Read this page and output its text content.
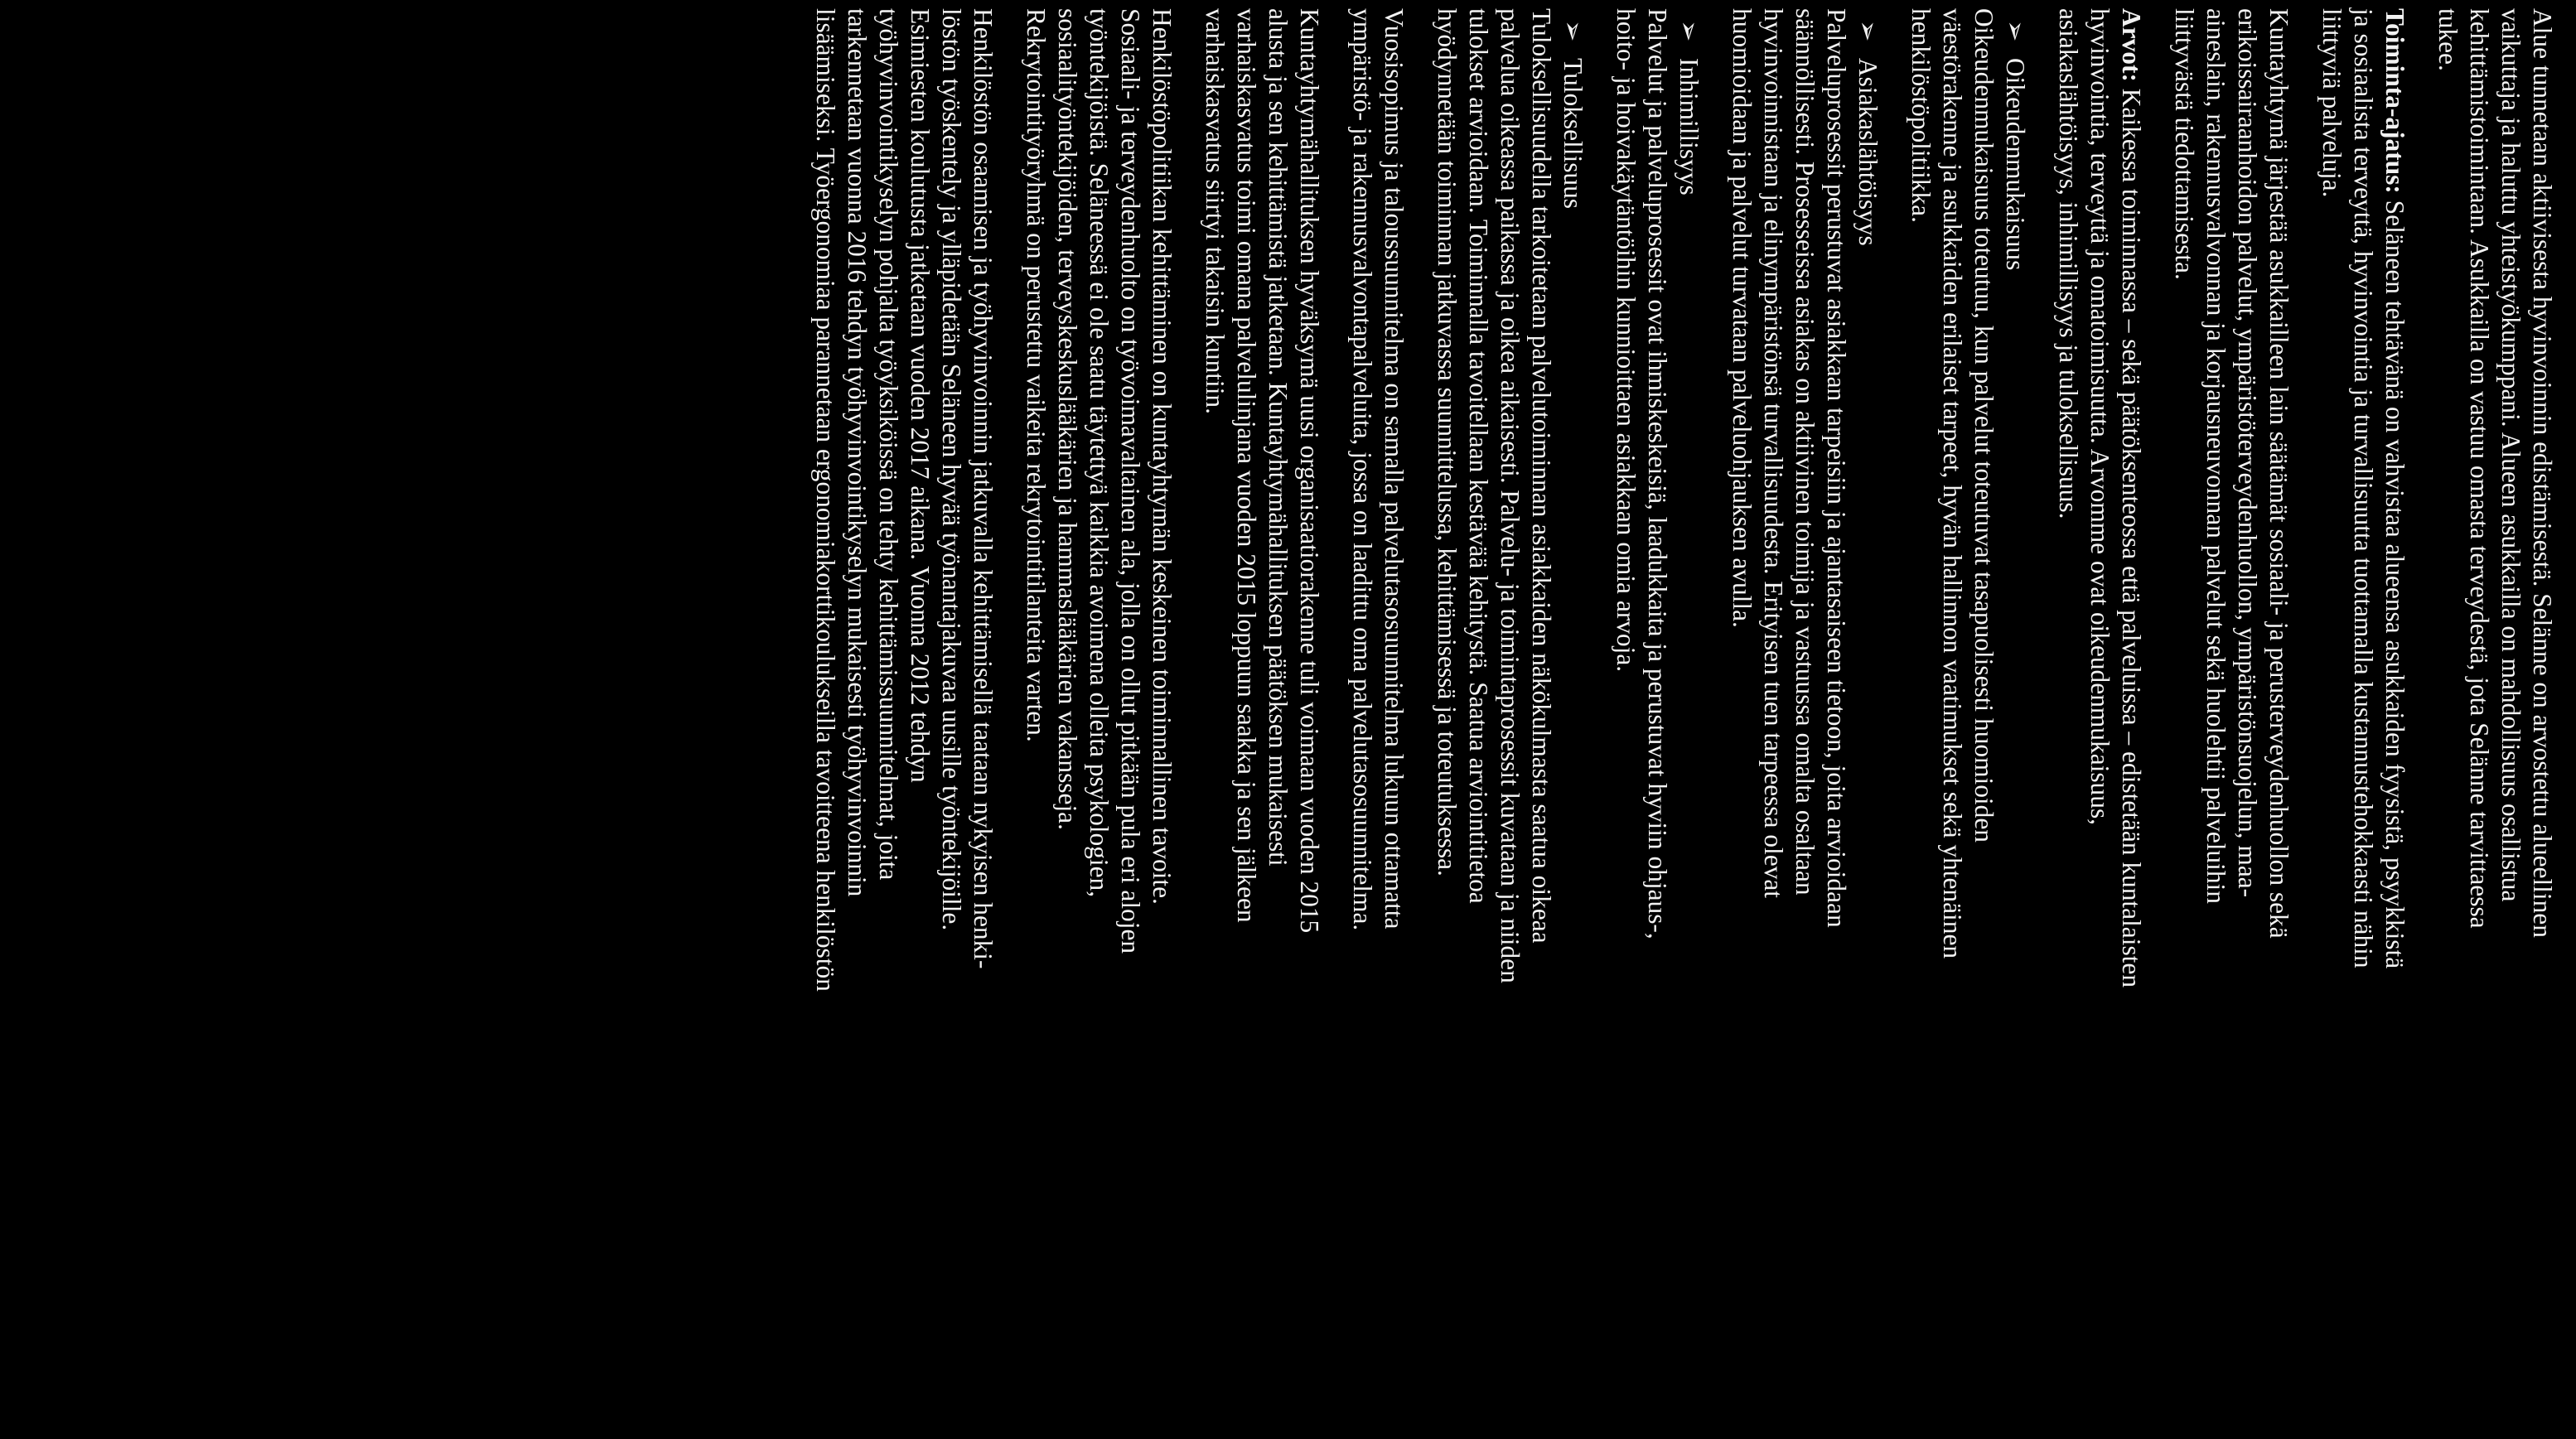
Alue tunnetaan aktiivisesta hyvinvoinnin edistämisestä. Selänne on arvostettu alueellinen
vaikuttaja ja haluttu yhteistyökumppani. Alueen asukkailla on mahdollisuus osallistua
kehittämistoimintaan. Asukkailla on vastuu omasta terveydestä, jota Selänne tarvittaessa
tukee.

Toiminta-ajatus: Seläneen tehtävänä on vahvistaa alueensa asukkaiden fyysistä, psyykkistä
ja sosiaalista terveyttä, hyvinvointia ja turvallisuutta tuottamalla kustannustehokkaasti nähin
liittyviä palveluja.

Kuntayhtymä järjestää asukkailleen lain säätämät sosiaali- ja perusterveydenhuollon sekä
erikoissairaanhoidon palvelut, ympäristöterveydenhuollon, ympäristönsuojelun, maa-
aineslain, rakennusvalvonnan ja korjausneuvonnan palvelut sekä huolehtii palveluihin
liittyvästä tiedottamisesta.

Arvot: Kaikessa toiminnassa – sekä päätöksenteossa että palveluissa – edistetään kuntalaisten
hyvinvointia, terveyttä ja omatoimisuutta. Arvomme ovat oikeudenmukaisuus,
asiakaslähtöisyys, inhimillisyys ja tuloksellisuus.

➢Oikeudenmukaisuus
Oikeudenmukaisuus toteutuu, kun palvelut toteutuvat tasapuolisesti huomioiden
väestörakenne ja asukkaiden erilaiset tarpeet, hyvän hallinnon vaatimukset sekä yhtenäinen
henkilöstöpolitiikka.

➢Asiakaslähtöisyys
Palveluprosessit perustuvat asiakkaan tarpeisiin ja ajantasaiseen tietoon, joita arvioidaan
säännöllisesti. Prosesseissa asiakas on aktiivinen toimija ja vastuussa omalta osaltaan
hyvinvoinnistaan ja elinympäristönsä turvallisuudesta. Erityisen tuen tarpeessa olevat
huomioidaan ja palvelut turvataan palveluohjauksen avulla.

➢Inhimillisyys
Palvelut ja palveluprosessit ovat ihmiskeskeisiä, laadukkaita ja perustuvat hyviin ohjaus-,
hoito- ja hoivakäytäntöihin kunnioittaen asiakkaan omia arvoja.

➢Tuloksellisuus
Tuloksellisuudella tarkoitetaan palvelutoiminnan asiakkaiden näkökulmasta saatua oikeaa
palvelua oikeassa paikassa ja oikea aikaisesti. Palvelu- ja toimintaprosessit kuvataan ja niiden
tulokset arvioidaan. Toiminnalla tavoitellaan kestävää kehitystä. Saatua arviointitietoa
hyödynnetään toiminnan jatkuvassa suunnittelussa, kehittämisessä ja toteutuksessa.

Vuosisopimus ja taloussuunnitelma on samalla palvelutasosuunnitelma lukuun ottamatta
ympäristö- ja rakennusvalvontapalveluita, jossa on laadittu oma palvelutasosuunnitelma.

Kuntayhtymähallituksen hyväksymä uusi organisaatiorakenne tuli voimaan vuoden 2015
alusta ja sen kehittämistä jatketaan. Kuntayhtymähallituksen päätöksen mukaisesti
varhaiskasvatus toimi omana palvelulinjana vuoden 2015 loppuun saakka ja sen jälkeen
varhaiskasvatus siirtyi takaisin kuntiin.

Henkilöstöpolitiikan kehittäminen on kuntayhtymän keskeinen toiminnallinen tavoite.
Sosiaali- ja terveydenhuolto on työvoimavaltainen ala, jolla on ollut pitkään pula eri alojen
työntekijöistä. Seläneessä ei ole saatu täytettyä kaikkia avoimena olleita psykologien,
sosiaalityöntekijöiden, terveyskeskuslääkärien ja hammaslääkärien vakansseja.
Rekrytointityöryhmä on perustettu vaikeita rekrytointitilanteita varten.

Henkilöstön osaamisen ja työhyvinvoinnin jatkuvalla kehittämisellä taataan nykyisen henki-
löstön työskentely ja ylläpidetään Seläneen hyvää työnantajakuvaa uusille työntekijöille.
Esimiesten koulutusta jatketaan vuoden 2017 aikana. Vuonna 2012 tehdyn
työhyvinvointikyselyn pohjalta työyksiköissä on tehty kehittämissuunnitelmat, joita
tarkennetaan vuonna 2016 tehdyn työhyvinvointikyselyn mukaisesti työhyvinvoinnin
lisäämiseksi. Työergonomiaa parannetaan ergonomiakorttikoulukseilla tavoitteena henkilöstön
